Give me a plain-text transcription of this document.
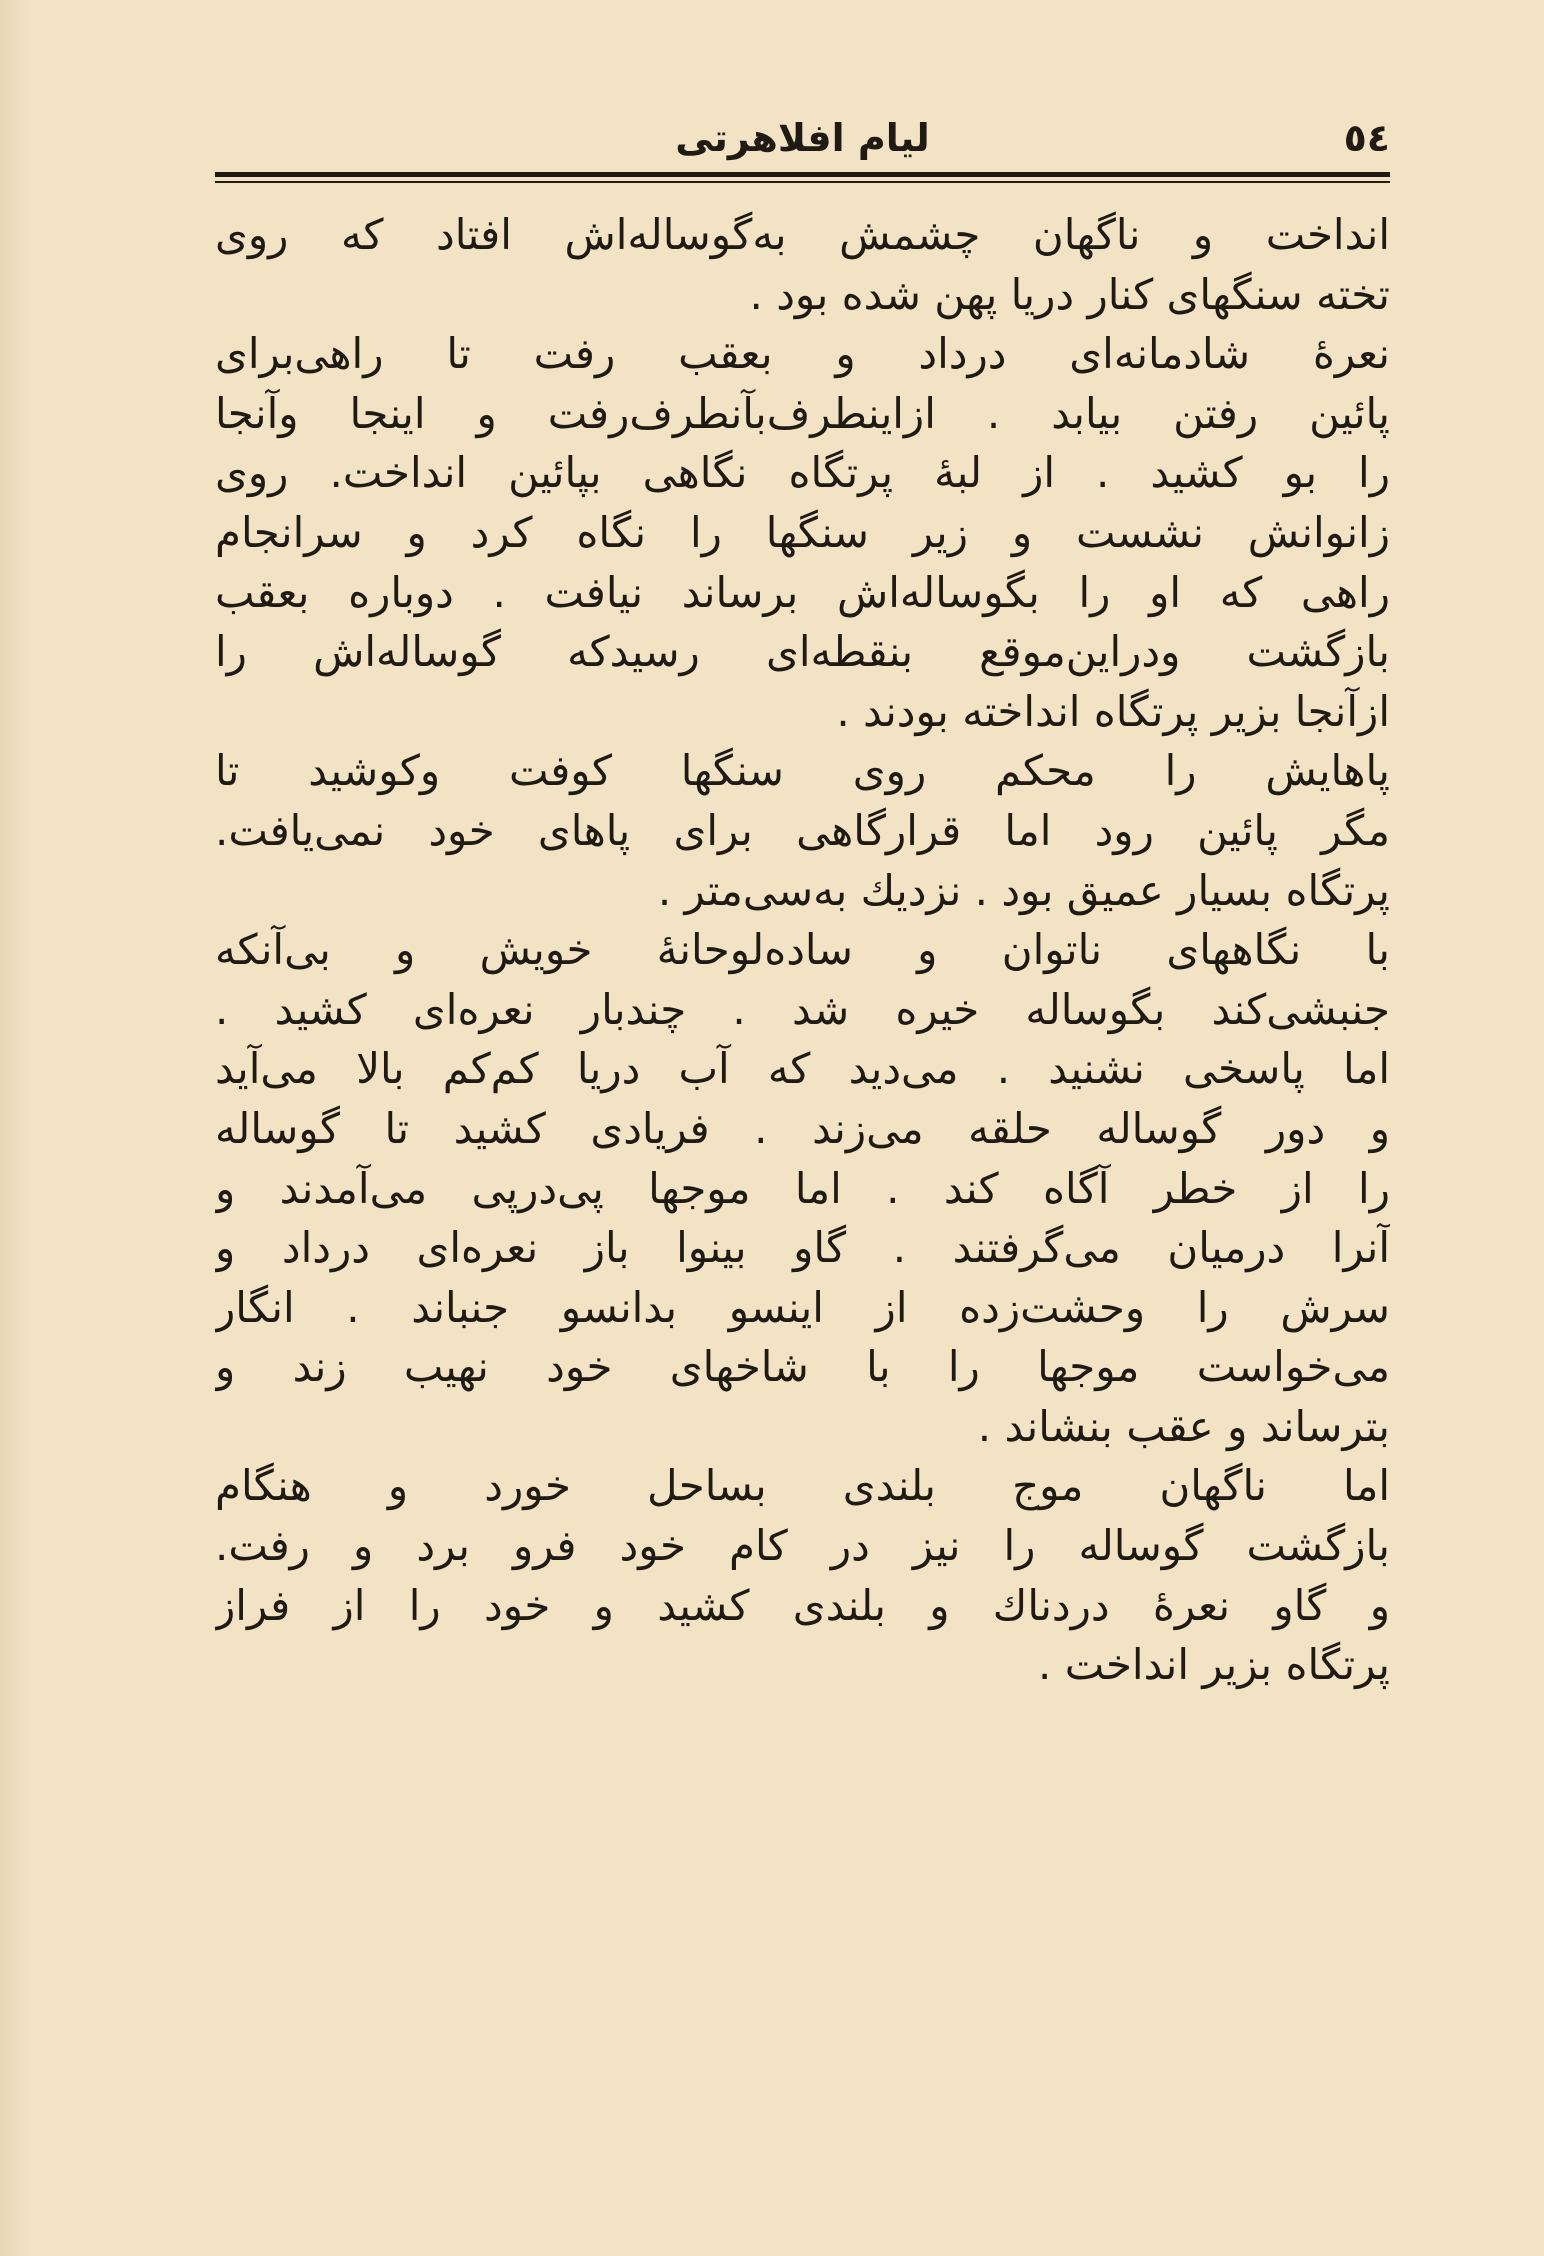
٥٤
لیام افلاهرتی
انداخت و ناگهان چشمش به‌گوساله‌اش افتاد که روی
تخته سنگهای کنار دریا پهن شده بود .
نعرهٔ شادمانه‌ای درداد و بعقب رفت تا راهی‌برای
پائین رفتن بیابد . ازاینطرف‌بآنطرف‌رفت و اینجا وآنجا
را بو کشید . از لبهٔ پرتگاه نگاهی بپائین انداخت. روی
زانوانش نشست و زیر سنگها را نگاه کرد و سرانجام
راهی که او را بگوساله‌اش برساند نیافت . دوباره بعقب
بازگشت ودراین‌موقع بنقطه‌ای رسیدکه گوساله‌اش را
ازآنجا بزیر پرتگاه انداخته بودند .
پاهایش را محکم روی سنگها کوفت وکوشید تا
مگر پائین رود اما قرارگاهی برای پاهای خود نمی‌یافت.
پرتگاه بسیار عمیق بود . نزدیك به‌سی‌متر .
با نگاههای ناتوان و ساده‌لوحانهٔ خویش و بی‌آنکه
جنبشی‌کند بگوساله خیره شد . چندبار نعره‌ای کشید .
اما پاسخی نشنید . می‌دید که آب دریا کم‌کم بالا می‌آید
و دور گوساله حلقه می‌زند . فریادی کشید تا گوساله
را از خطر آگاه کند . اما موجها پی‌درپی می‌آمدند و
آنرا درمیان می‌گرفتند . گاو بینوا باز نعره‌ای درداد و
سرش را وحشت‌زده از اینسو بدانسو جنباند . انگار
می‌خواست موجها را با شاخهای خود نهیب زند و
بترساند و عقب بنشاند .
اما ناگهان موج بلندی بساحل خورد و هنگام
بازگشت گوساله را نیز در کام خود فرو برد و رفت.
و گاو نعرهٔ دردناك و بلندی کشید و خود را از فراز
پرتگاه بزیر انداخت .
